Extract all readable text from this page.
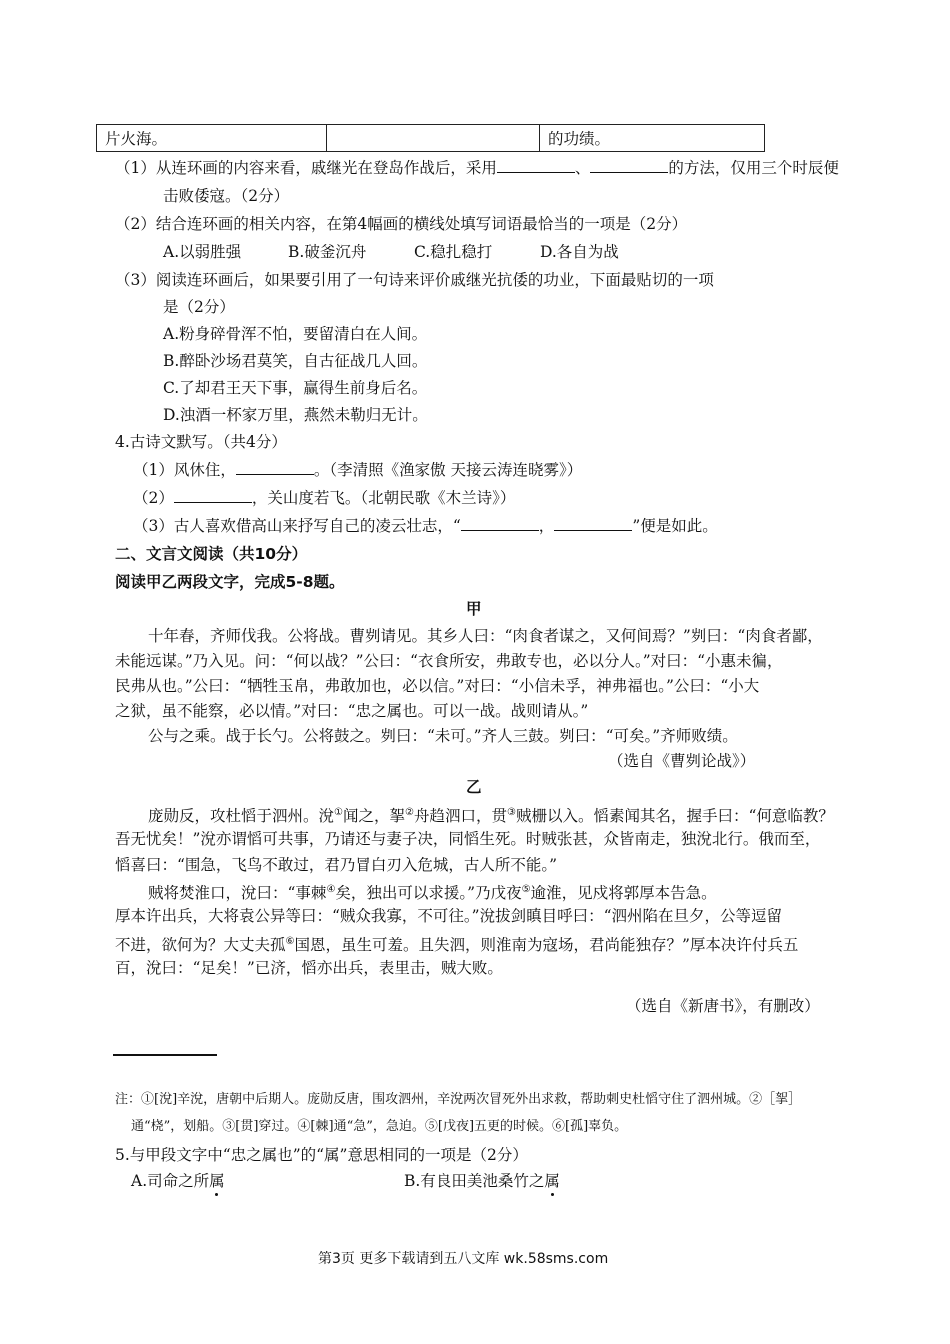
片火海。		的功绩。
（1）从连环画的内容来看，戚继光在登岛作战后，采用	、	的方法，仅用三个时辰便
击败倭寇。（2分）
（2）结合连环画的相关内容，在第4幅画的横线处填写词语最恰当的一项是（2分）
A.以弱胜强	B.破釜沉舟	C.稳扎稳打	D.各自为战
（3）阅读连环画后，如果要引用了一句诗来评价戚继光抗倭的功业，下面最贴切的一项
是（2分）
A.粉身碎骨浑不怕，要留清白在人间。
B.醉卧沙场君莫笑，自古征战几人回。
C.了却君王天下事，赢得生前身后名。
D.浊酒一杯家万里，燕然未勒归无计。
4.古诗文默写。（共4分）
（1）风休住，	。（李清照《渔家傲 天接云涛连晓雾》）
（2）	，关山度若飞。（北朝民歌《木兰诗》）
（3）古人喜欢借高山来抒写自己的凌云壮志，“	，	”便是如此。
二、文言文阅读（共10分）
阅读甲乙两段文字，完成5-8题。
甲
十年春，齐师伐我。公将战。曹刿请见。其乡人曰：“肉食者谋之，又何间焉？”刿曰：“肉食者鄙，
未能远谋。”乃入见。问：“何以战？”公曰：“衣食所安，弗敢专也，必以分人。”对曰：“小惠未徧，
民弗从也。”公曰：“牺牲玉帛，弗敢加也，必以信。”对曰：“小信未孚，神弗福也。”公曰：“小大
之狱，虽不能察，必以情。”对曰：“忠之属也。可以一战。战则请从。”
公与之乘。战于长勺。公将鼓之。刿曰：“未可。”齐人三鼓。刿曰：“可矣。”齐师败绩。
（选自《曹刿论战》）
乙
庞勋反，攻杜慆于泗州。涗①闻之，挐②舟趋泗口，贯③贼栅以入。慆素闻其名，握手曰：“何意临教？
吾无忧矣！”涗亦谓慆可共事，乃请还与妻子决，同慆生死。时贼张甚，众皆南走，独涗北行。俄而至，
慆喜曰：“围急，飞鸟不敢过，君乃冒白刃入危城，古人所不能。”
贼将焚淮口，涗曰：“事棘④矣，独出可以求援。”乃戊夜⑤逾淮，见戍将郭厚本告急。
厚本许出兵，大将袁公异等曰：“贼众我寡，不可往。”涗拔剑瞋目呼曰：“泗州陷在旦夕，公等逗留
不进，欲何为？大丈夫孤⑥国恩，虽生可羞。且失泗，则淮南为寇场，君尚能独存？”厚本决许付兵五
百，涗曰：“足矣！”已济，慆亦出兵，表里击，贼大败。
（选自《新唐书》，有删改）
注：①[涗]辛涗，唐朝中后期人。庞勋反唐，围攻泗州，辛涗两次冒死外出求救，帮助刺史杜慆守住了泗州城。②［挐］
通“桡”，划船。③[贯]穿过。④[棘]通“急”，急迫。⑤[戊夜]五更的时候。⑥[孤]辜负。
5.与甲段文字中“忠之属也”的“属”意思相同的一项是（2分）
A.司命之所属	B.有良田美池桑竹之属
第3页 更多下载请到五八文库 wk.58sms.com
